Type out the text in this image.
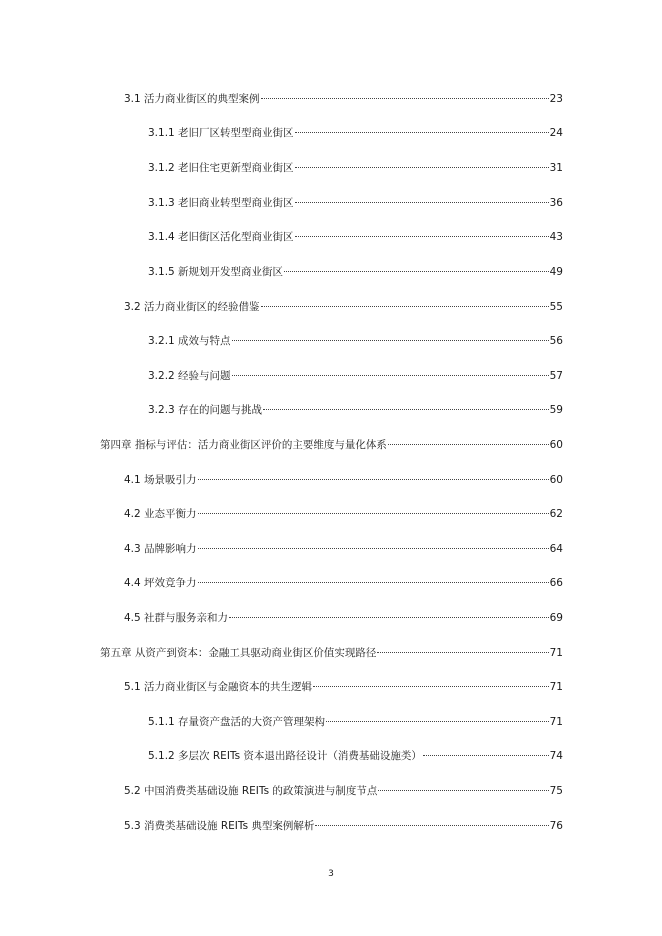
3.1 活力商业街区的典型案例	23
3.1.1 老旧厂区转型型商业街区	24
3.1.2 老旧住宅更新型商业街区	31
3.1.3 老旧商业转型型商业街区	36
3.1.4 老旧街区活化型商业街区	43
3.1.5 新规划开发型商业街区	49
3.2 活力商业街区的经验借鉴	55
3.2.1 成效与特点	56
3.2.2 经验与问题	57
3.2.3 存在的问题与挑战	59
第四章 指标与评估：活力商业街区评价的主要维度与量化体系	60
4.1 场景吸引力	60
4.2 业态平衡力	62
4.3 品牌影响力	64
4.4 坪效竞争力	66
4.5 社群与服务亲和力	69
第五章 从资产到资本：金融工具驱动商业街区价值实现路径	71
5.1 活力商业街区与金融资本的共生逻辑	71
5.1.1 存量资产盘活的大资产管理架构	71
5.1.2 多层次 REITs 资本退出路径设计（消费基础设施类）	74
5.2 中国消费类基础设施 REITs 的政策演进与制度节点	75
5.3 消费类基础设施 REITs 典型案例解析	76
3
